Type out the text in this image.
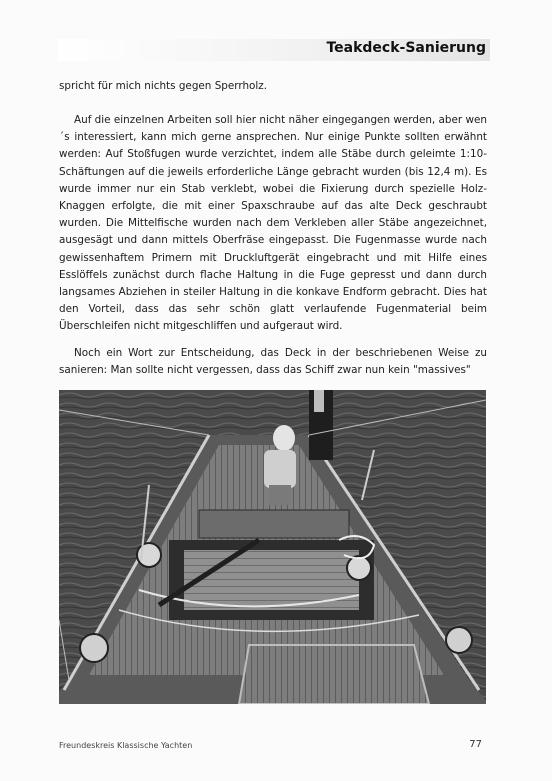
Teakdeck-Sanierung

spricht für mich nichts gegen Sperrholz.

Auf die einzelnen Arbeiten soll hier nicht näher eingegangen werden, aber wen´s interessiert, kann mich gerne ansprechen. Nur einige Punkte sollten erwähnt werden: Auf Stoßfugen wurde verzichtet, indem alle Stäbe durch geleimte 1:10-Schäftungen auf die jeweils erforderliche Länge gebracht wurden (bis 12,4 m). Es wurde immer nur ein Stab verklebt, wobei die Fixierung durch spezielle Holz-Knaggen erfolgte, die mit einer Spaxschraube auf das alte Deck geschraubt wurden. Die Mittelfische wurden nach dem Verkleben aller Stäbe angezeichnet, ausgesägt und dann mittels Oberfräse eingepasst. Die Fugenmasse wurde nach gewissenhaftem Primern mit Druckluftgerät eingebracht und mit Hilfe eines Esslöffels zunächst durch flache Haltung in die Fuge gepresst und dann durch langsames Abziehen in steiler Haltung in die konkave Endform gebracht. Dies hat den Vorteil, dass das sehr schön glatt verlaufende Fugenmaterial beim Überschleifen nicht mitgeschliffen und aufgeraut wird.

Noch ein Wort zur Entscheidung, das Deck in der beschriebenen Weise zu sanieren: Man sollte nicht vergessen, dass das Schiff zwar nun kein "massives"

Freundeskreis Klassische Yachten	77
